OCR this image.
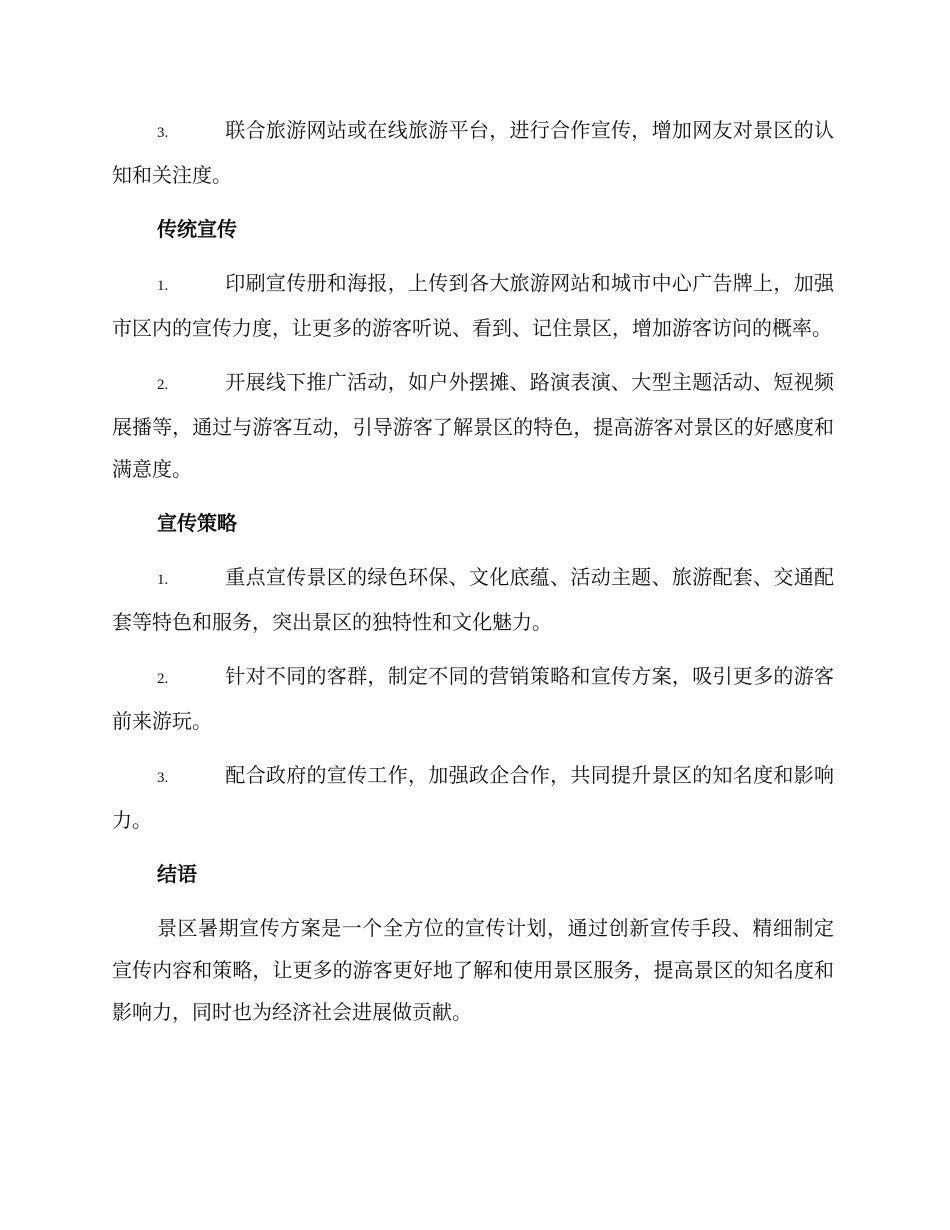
3.	联合旅游网站或在线旅游平台，进行合作宣传，增加网友对景区的认知和关注度。
传统宣传
1.	印刷宣传册和海报，上传到各大旅游网站和城市中心广告牌上，加强市区内的宣传力度，让更多的游客听说、看到、记住景区，增加游客访问的概率。
2.	开展线下推广活动，如户外摆摊、路演表演、大型主题活动、短视频展播等，通过与游客互动，引导游客了解景区的特色，提高游客对景区的好感度和满意度。
宣传策略
1.	重点宣传景区的绿色环保、文化底蕴、活动主题、旅游配套、交通配套等特色和服务，突出景区的独特性和文化魅力。
2.	针对不同的客群，制定不同的营销策略和宣传方案，吸引更多的游客前来游玩。
3.	配合政府的宣传工作，加强政企合作，共同提升景区的知名度和影响力。
结语

景区暑期宣传方案是一个全方位的宣传计划，通过创新宣传手段、精细制定宣传内容和策略，让更多的游客更好地了解和使用景区服务，提高景区的知名度和影响力，同时也为经济社会进展做贡献。
